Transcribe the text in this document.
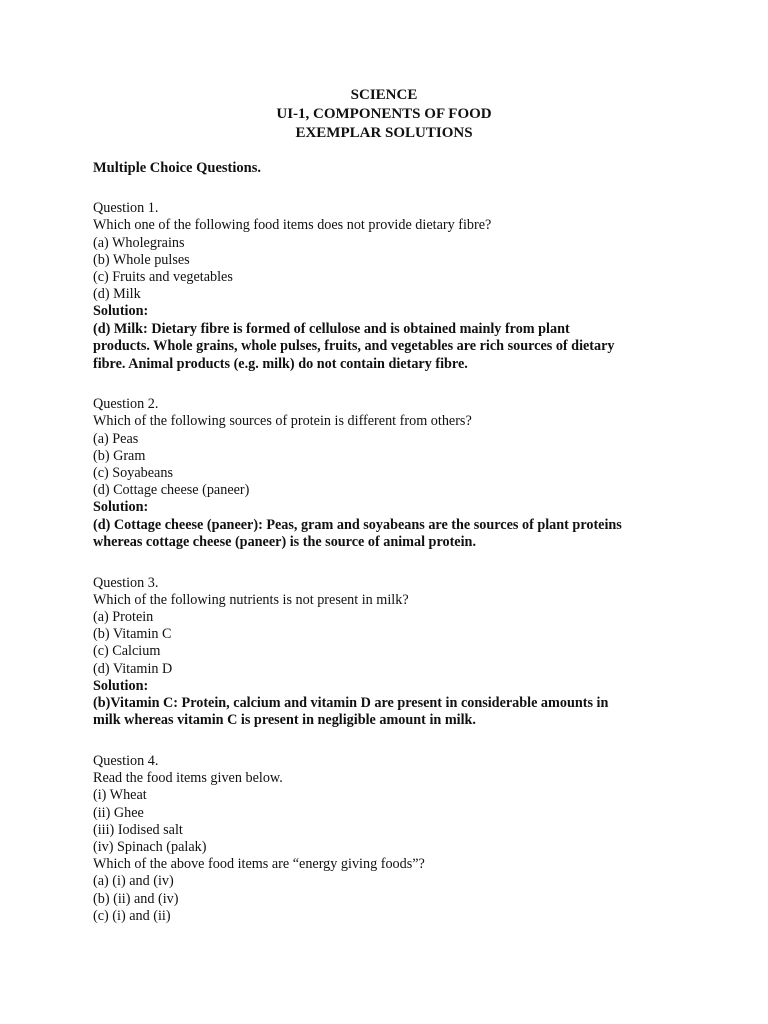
SCIENCE
UI-1, COMPONENTS OF FOOD
EXEMPLAR SOLUTIONS
Multiple Choice Questions.
Question 1.
Which one of the following food items does not provide dietary fibre?
(a) Wholegrains
(b) Whole pulses
(c) Fruits and vegetables
(d) Milk
Solution:
(d) Milk: Dietary fibre is formed of cellulose and is obtained mainly from plant
products. Whole grains, whole pulses, fruits, and vegetables are rich sources of dietary
fibre. Animal products (e.g. milk) do not contain dietary fibre.
Question 2.
Which of the following sources of protein is different from others?
(a) Peas
(b) Gram
(c) Soyabeans
(d) Cottage cheese (paneer)
Solution:
(d) Cottage cheese (paneer): Peas, gram and soyabeans are the sources of plant proteins
whereas cottage cheese (paneer) is the source of animal protein.
Question 3.
Which of the following nutrients is not present in milk?
(a) Protein
(b) Vitamin C
(c) Calcium
(d) Vitamin D
Solution:
(b)Vitamin C: Protein, calcium and vitamin D are present in considerable amounts in
milk whereas vitamin C is present in negligible amount in milk.
Question 4.
Read the food items given below.
(i) Wheat
(ii) Ghee
(iii) Iodised salt
(iv) Spinach (palak)
Which of the above food items are “energy giving foods”?
(a) (i) and (iv)
(b) (ii) and (iv)
(c) (i) and (ii)
